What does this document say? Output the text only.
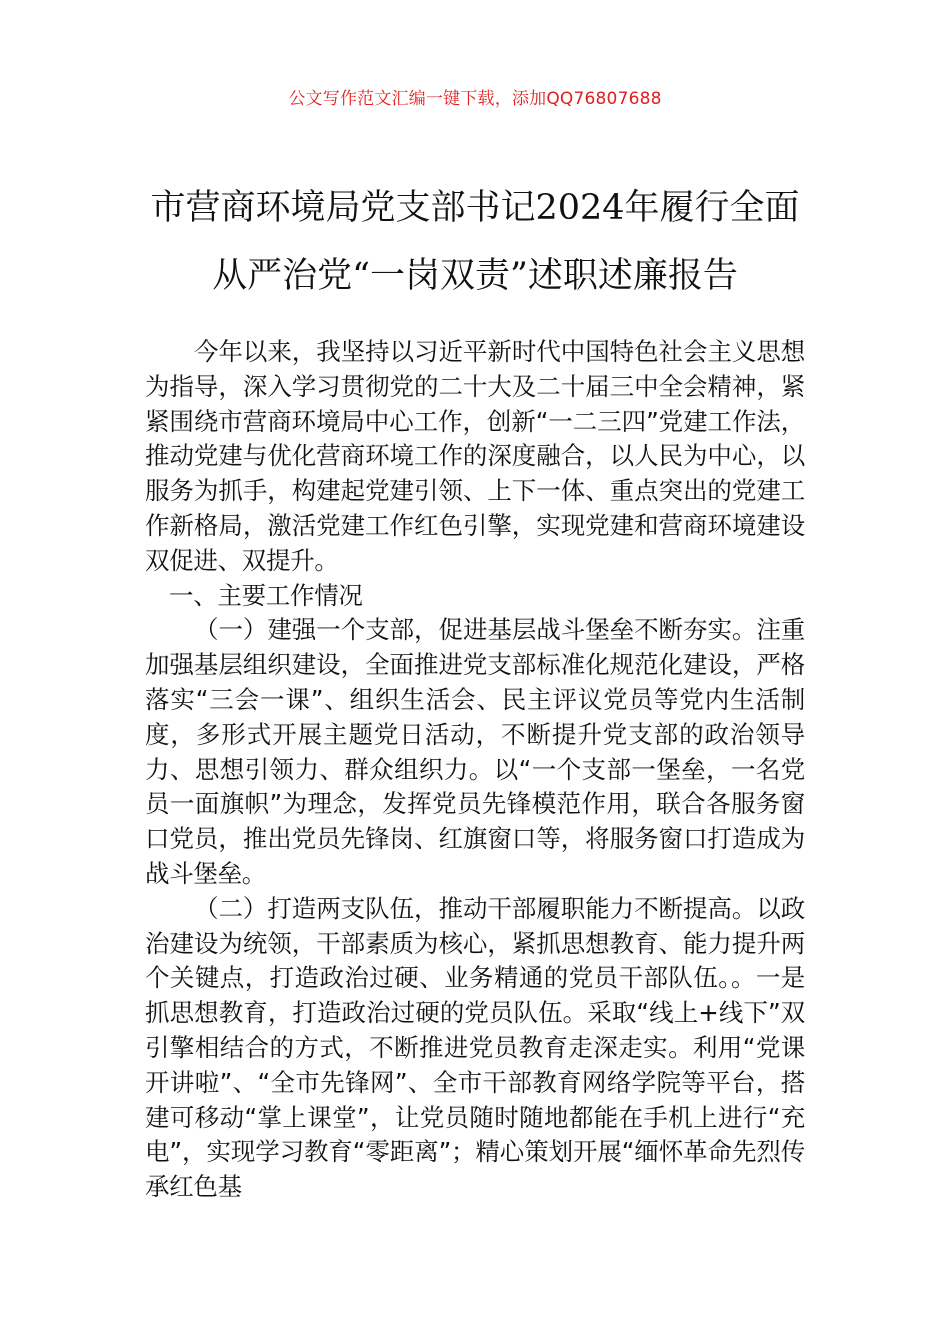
公文写作范文汇编一键下载，添加QQ76807688
市营商环境局党支部书记2024年履行全面
从严治党“一岗双责”述职述廉报告

今年以来，我坚持以习近平新时代中国特色社会主义思想为指导，深入学习贯彻党的二十大及二十届三中全会精神，紧紧围绕市营商环境局中心工作，创新“一二三四”党建工作法，推动党建与优化营商环境工作的深度融合，以人民为中心，以服务为抓手，构建起党建引领、上下一体、重点突出的党建工作新格局，激活党建工作红色引擎，实现党建和营商环境建设双促进、双提升。

一、主要工作情况

（一）建强一个支部，促进基层战斗堡垒不断夯实。注重加强基层组织建设，全面推进党支部标准化规范化建设，严格落实“三会一课”、组织生活会、民主评议党员等党内生活制度，多形式开展主题党日活动，不断提升党支部的政治领导力、思想引领力、群众组织力。以“一个支部一堡垒，一名党员一面旗帜”为理念，发挥党员先锋模范作用，联合各服务窗口党员，推出党员先锋岗、红旗窗口等，将服务窗口打造成为战斗堡垒。

（二）打造两支队伍，推动干部履职能力不断提高。以政治建设为统领，干部素质为核心，紧抓思想教育、能力提升两个关键点，打造政治过硬、业务精通的党员干部队伍。。一是抓思想教育，打造政治过硬的党员队伍。采取“线上+线下”双引擎相结合的方式，不断推进党员教育走深走实。利用“党课开讲啦”、“全市先锋网”、全市干部教育网络学院等平台，搭建可移动“掌上课堂”，让党员随时随地都能在手机上进行“充电”，实现学习教育“零距离”；精心策划开展“缅怀革命先烈传承红色基
